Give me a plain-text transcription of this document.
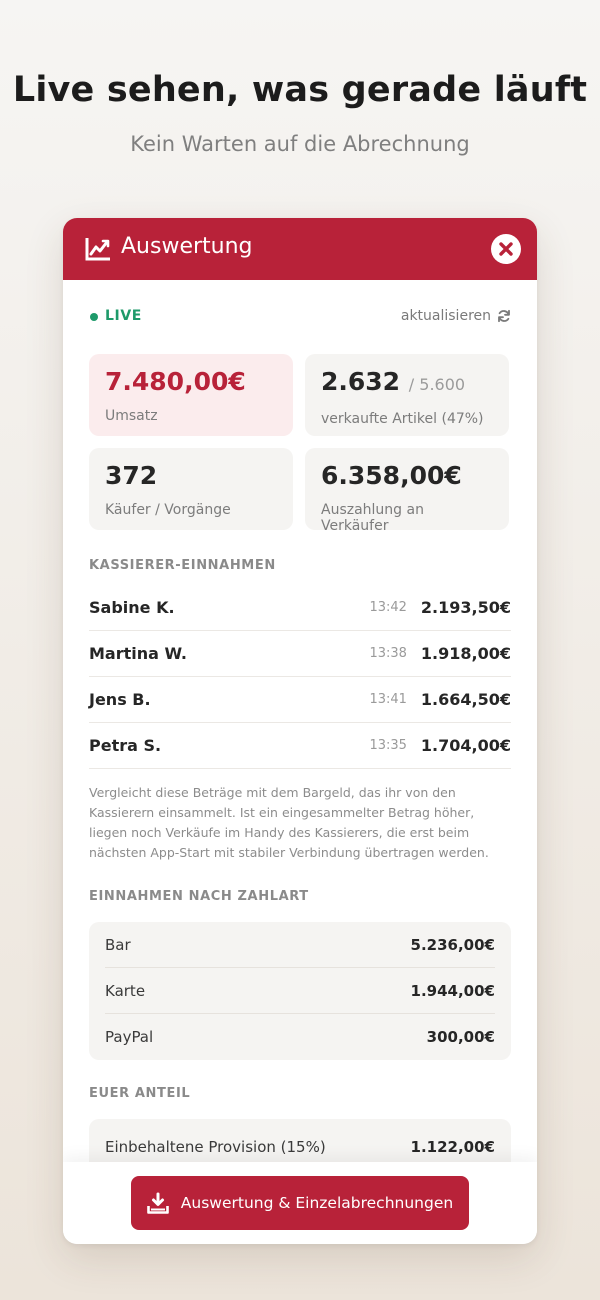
Live sehen, was gerade läuft

Kein Warten auf die Abrechnung

Auswertung
LIVE	aktualisieren
7.480,00€
Umsatz
2.632 / 5.600
verkaufte Artikel (47%)
372
Käufer / Vorgänge
6.358,00€
Auszahlung an Verkäufer
KASSIERER-EINNAHMEN
Sabine K.	13:42 2.193,50€
Martina W.	13:38 1.918,00€
Jens B.	13:41 1.664,50€
Petra S.	13:35 1.704,00€

Vergleicht diese Beträge mit dem Bargeld, das ihr von den Kassierern einsammelt. Ist ein eingesammelter Betrag höher, liegen noch Verkäufe im Handy des Kassierers, die erst beim nächsten App-Start mit stabiler Verbindung übertragen werden.

EINNAHMEN NACH ZAHLART
Bar	5.236,00€
Karte	1.944,00€
PayPal	300,00€
EUER ANTEIL
Einbehaltene Provision (15%)	1.122,00€
Auswertung & Einzelabrechnungen
